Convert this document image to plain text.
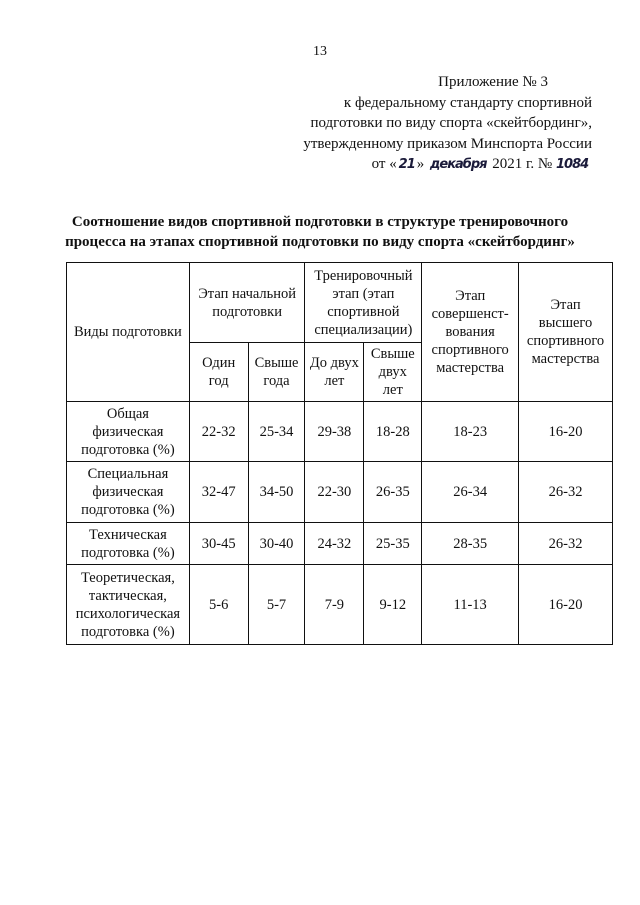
13
Приложение № 3
к федеральному стандарту спортивной
подготовки по виду спорта «скейтбординг»,
утвержденному приказом Минспорта России
от « 21 » декабря 2021 г. № 1084
Соотношение видов спортивной подготовки в структуре тренировочного
процесса на этапах спортивной подготовки по виду спорта «скейтбординг»
Виды подготовки	Этап начальной подготовки		Тренировочный этап (этап спортивной специализации)		Этап совершенст-вования спортивного мастерства	Этап высшего спортивного мастерства
	Один год	Свыше года	До двух лет	Свыше двух лет		
Общая физическая подготовка (%)	22-32	25-34	29-38	18-28	18-23	16-20
Специальная физическая подготовка (%)	32-47	34-50	22-30	26-35	26-34	26-32
Техническая подготовка (%)	30-45	30-40	24-32	25-35	28-35	26-32
Теоретическая, тактическая, психологическая подготовка (%)	5-6	5-7	7-9	9-12	11-13	16-20
